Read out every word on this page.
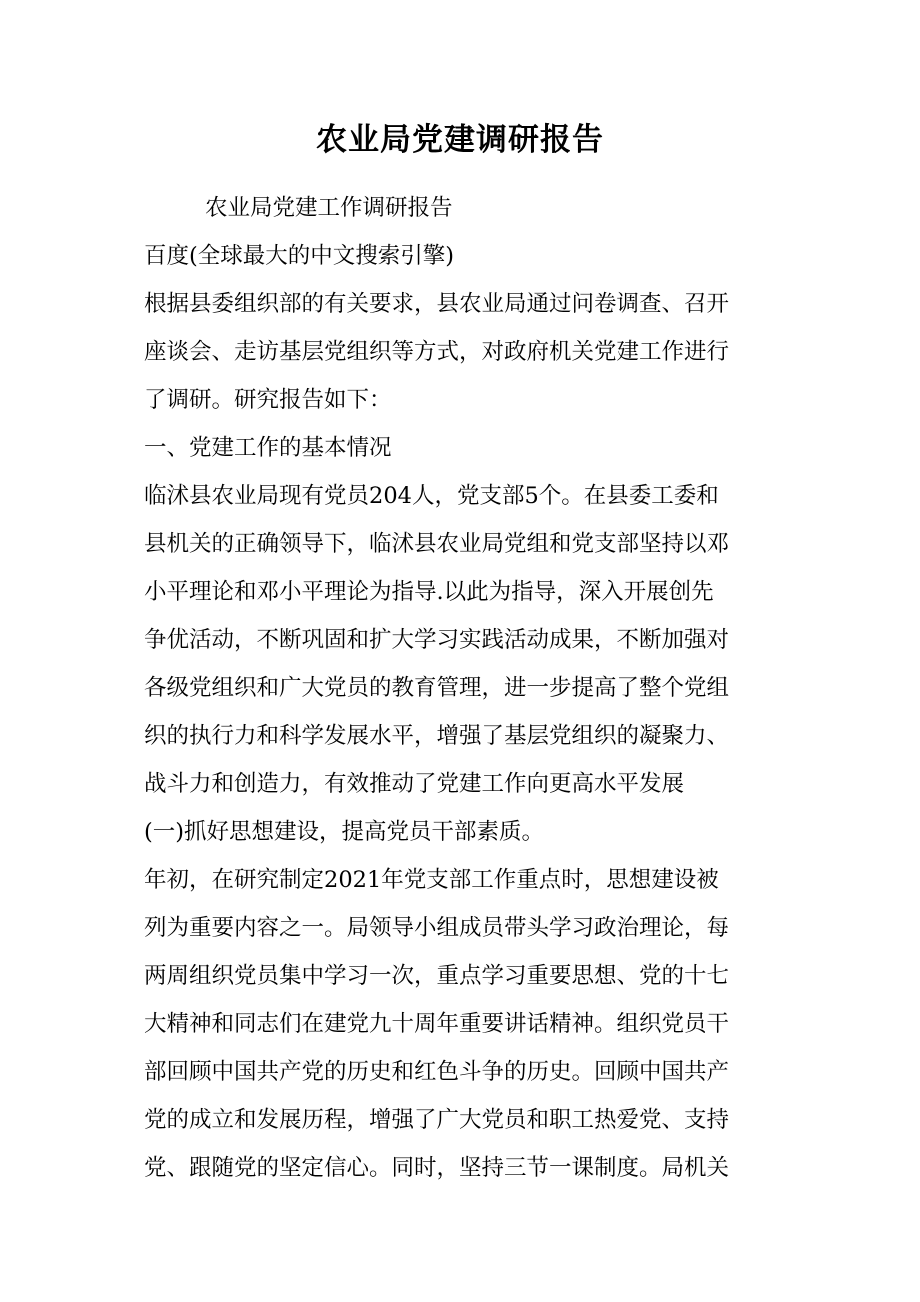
农业局党建调研报告
农业局党建工作调研报告
百度(全球最大的中文搜索引擎)
根据县委组织部的有关要求，县农业局通过问卷调查、召开
座谈会、走访基层党组织等方式，对政府机关党建工作进行
了调研。研究报告如下：
一、党建工作的基本情况
临沭县农业局现有党员204人，党支部5个。在县委工委和
县机关的正确领导下，临沭县农业局党组和党支部坚持以邓
小平理论和邓小平理论为指导.以此为指导，深入开展创先
争优活动，不断巩固和扩大学习实践活动成果，不断加强对
各级党组织和广大党员的教育管理，进一步提高了整个党组
织的执行力和科学发展水平，增强了基层党组织的凝聚力、
战斗力和创造力，有效推动了党建工作向更高水平发展
(一)抓好思想建设，提高党员干部素质。
年初，在研究制定2021年党支部工作重点时，思想建设被
列为重要内容之一。局领导小组成员带头学习政治理论，每
两周组织党员集中学习一次，重点学习重要思想、党的十七
大精神和同志们在建党九十周年重要讲话精神。组织党员干
部回顾中国共产党的历史和红色斗争的历史。回顾中国共产
党的成立和发展历程，增强了广大党员和职工热爱党、支持
党、跟随党的坚定信心。同时，坚持三节一课制度。局机关
